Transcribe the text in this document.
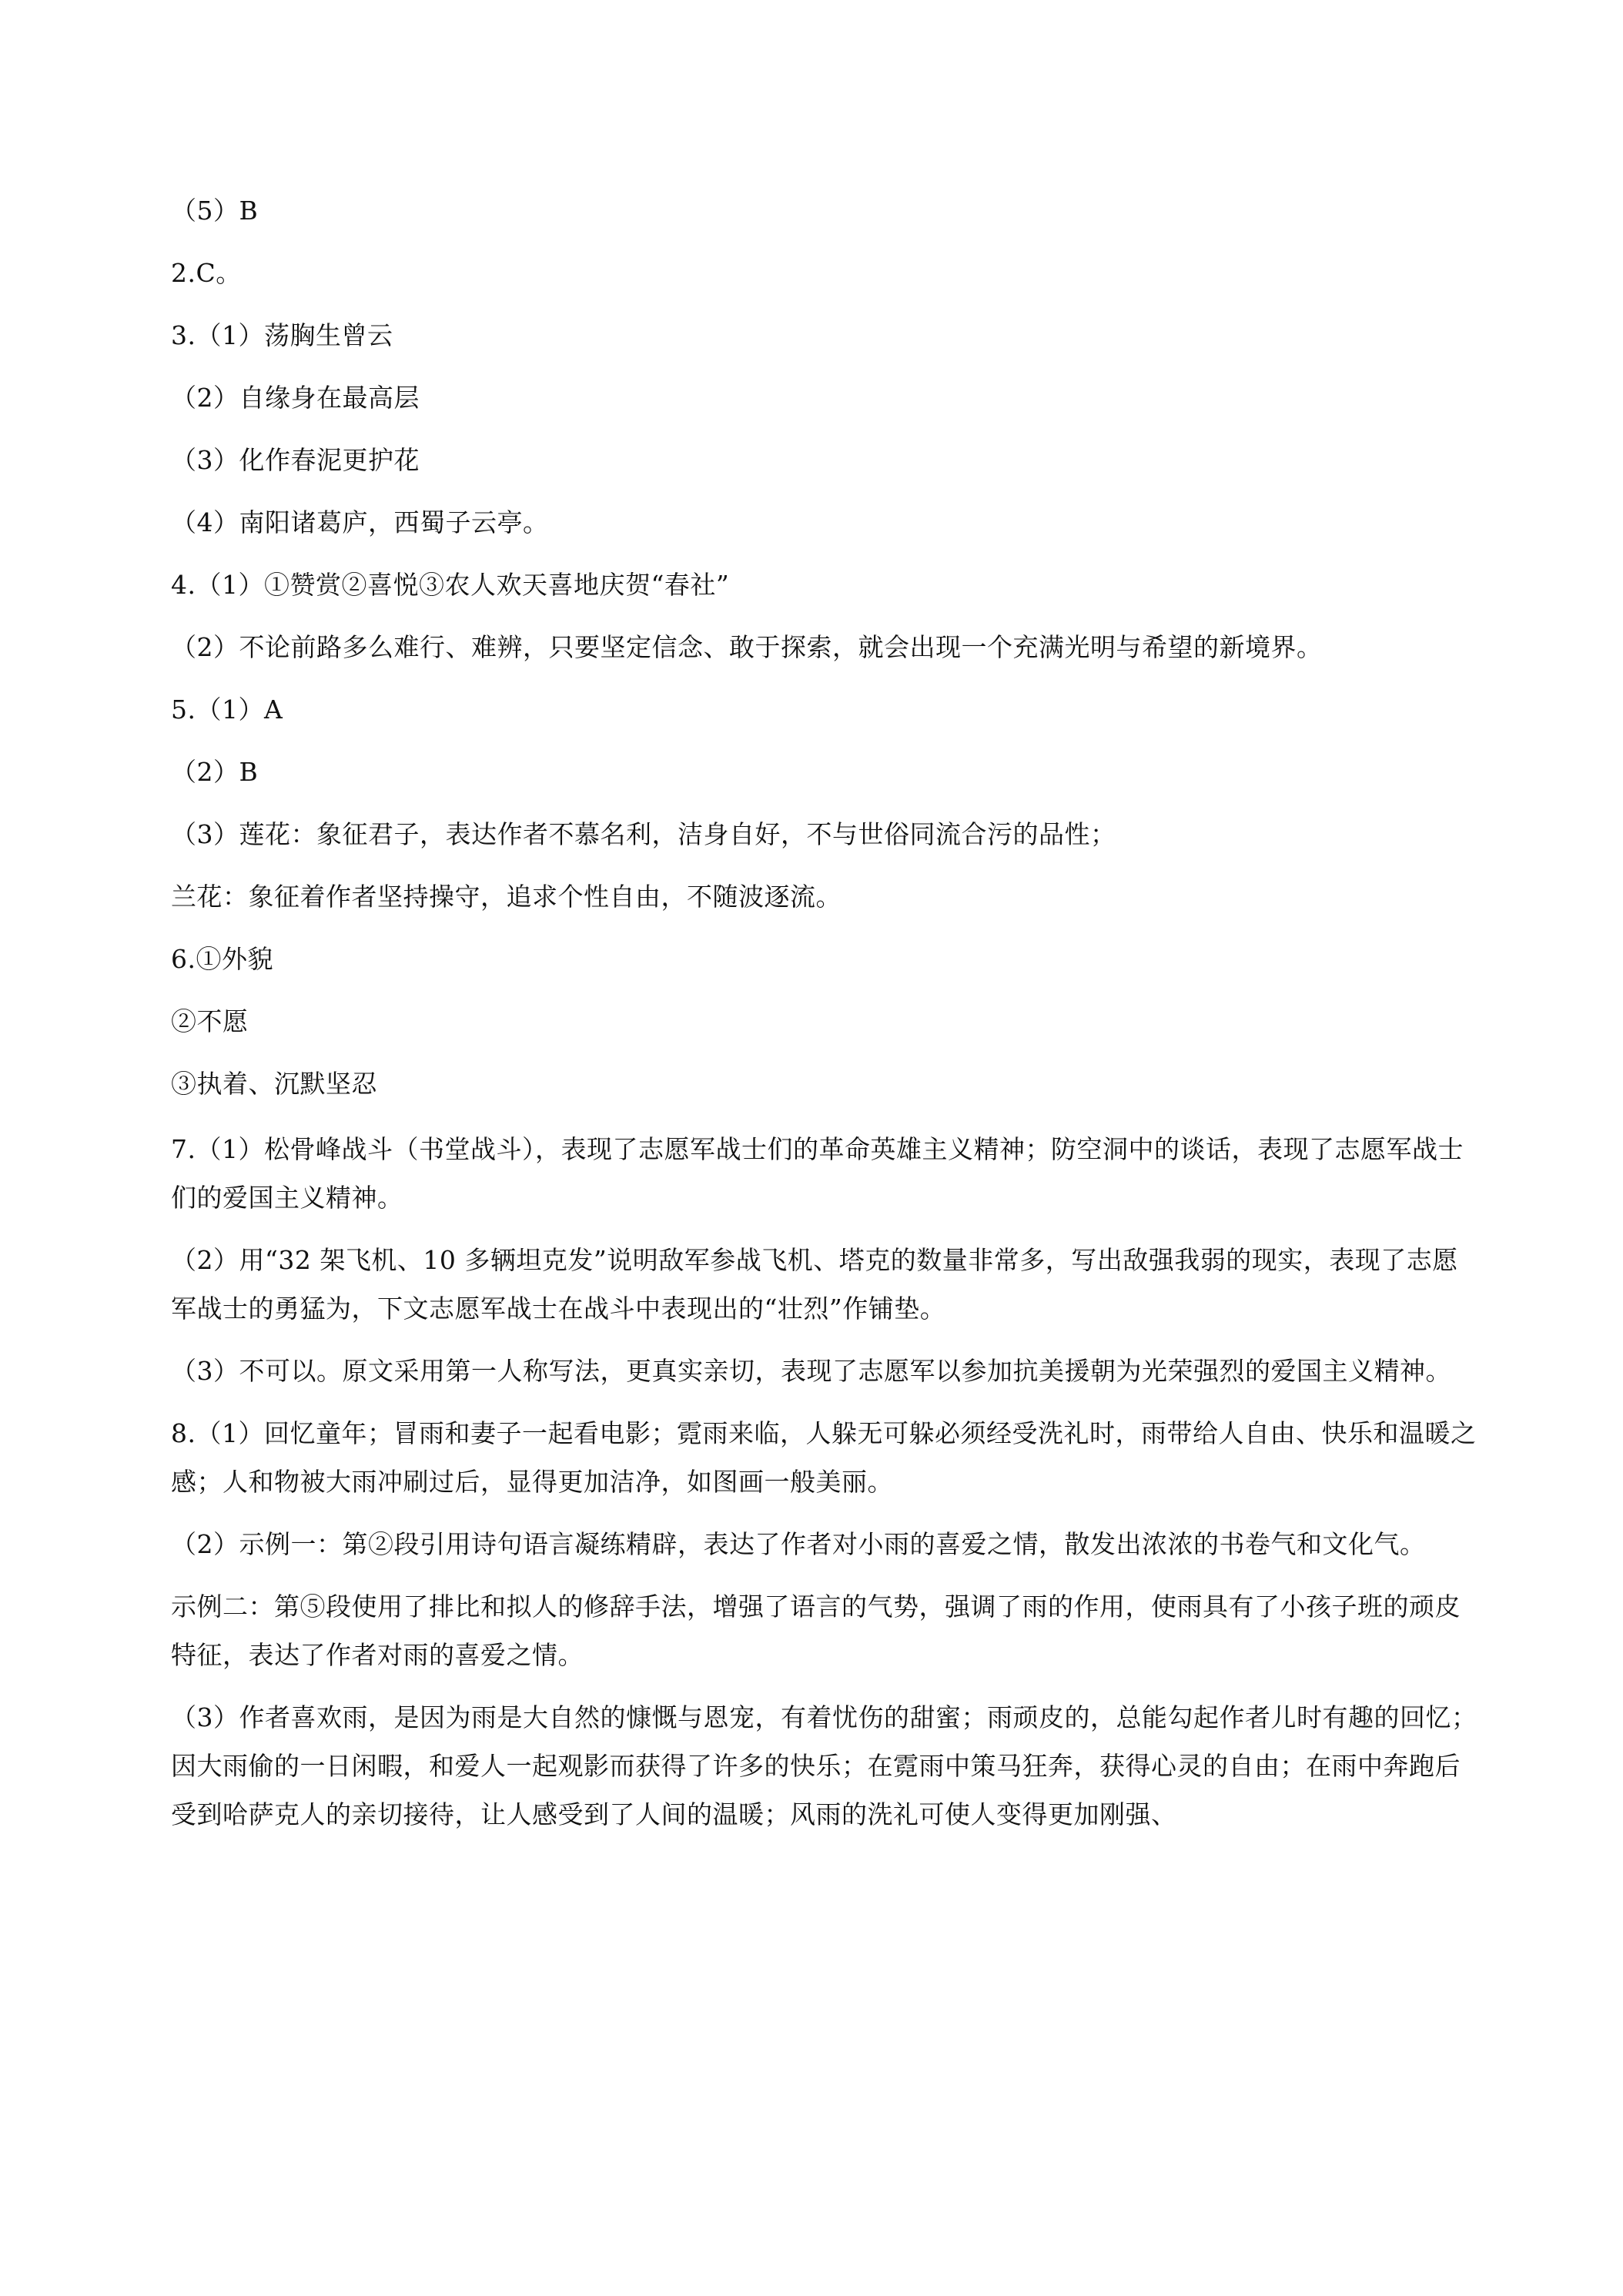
（5）B
2.C。
3.（1）荡胸生曾云
（2）自缘身在最高层
（3）化作春泥更护花
（4）南阳诸葛庐，西蜀子云亭。
4.（1）①赞赏②喜悦③农人欢天喜地庆贺“春社”
（2）不论前路多么难行、难辨，只要坚定信念、敢于探索，就会出现一个充满光明与希望的新境界。
5.（1）A
（2）B
（3）莲花：象征君子，表达作者不慕名利，洁身自好，不与世俗同流合污的品性；
兰花：象征着作者坚持操守，追求个性自由，不随波逐流。
6.①外貌
②不愿
③执着、沉默坚忍
7.（1）松骨峰战斗（书堂战斗），表现了志愿军战士们的革命英雄主义精神；防空洞中的谈话，表现了志愿军战士们的爱国主义精神。
（2）用“32 架飞机、10 多辆坦克发”说明敌军参战飞机、塔克的数量非常多，写出敌强我弱的现实，表现了志愿军战士的勇猛为，下文志愿军战士在战斗中表现出的“壮烈”作铺垫。
（3）不可以。原文采用第一人称写法，更真实亲切，表现了志愿军以参加抗美援朝为光荣强烈的爱国主义精神。
8.（1）回忆童年；冒雨和妻子一起看电影；霓雨来临，人躲无可躲必须经受洗礼时，雨带给人自由、快乐和温暖之感；人和物被大雨冲刷过后，显得更加洁净，如图画一般美丽。
（2）示例一：第②段引用诗句语言凝练精辟，表达了作者对小雨的喜爱之情，散发出浓浓的书卷气和文化气。
示例二：第⑤段使用了排比和拟人的修辞手法，增强了语言的气势，强调了雨的作用，使雨具有了小孩子班的顽皮特征，表达了作者对雨的喜爱之情。
（3）作者喜欢雨，是因为雨是大自然的慷慨与恩宠，有着忧伤的甜蜜；雨顽皮的，总能勾起作者儿时有趣的回忆；因大雨偷的一日闲暇，和爱人一起观影而获得了许多的快乐；在霓雨中策马狂奔，获得心灵的自由；在雨中奔跑后受到哈萨克人的亲切接待，让人感受到了人间的温暖；风雨的洗礼可使人变得更加刚强、
